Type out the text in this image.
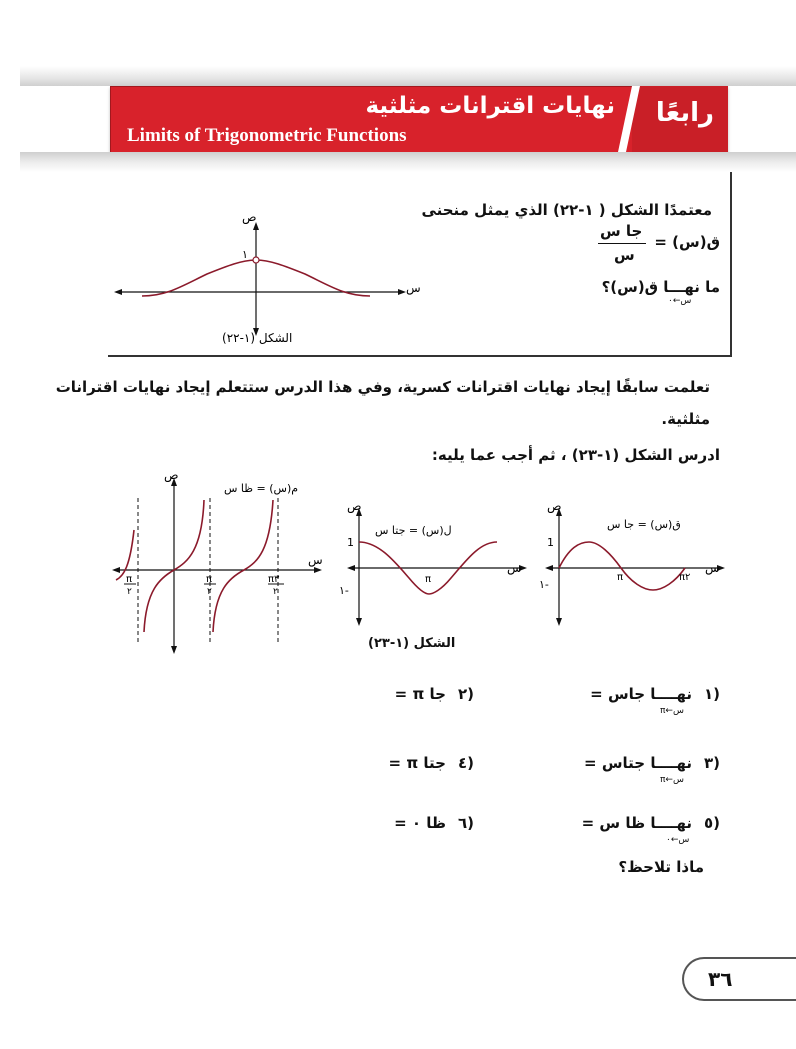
نهايات اقترانات مثلثية
Limits of Trigonometric Functions
رابعًا
معتمدًا الشكل ( ١-٢٢) الذي يمثل منحنى
ق(س) =
جا س
س
ما نهـــا ق(س)؟
س←٠
ص
١
س
الشكل (١-٢٢)
تعلمت سابقًا إيجاد نهايات اقترانات كسرية، وفي هذا الدرس ستتعلم إيجاد نهايات اقترانات
مثلثية.
ادرس الشكل (١-٢٣) ، ثم أجب عما يليه:
ص
س
م(س) = ظا س
π
٢
π
٢
π٣
٢
ص
س
ل(س) = جتا س
1
١-
π
ص
س
ق(س) = جا س
1
١-
π	π٢
الشكل (١-٢٣)
١)
نهــــا جاس =
س←π
٢)
جا π =
٣)
نهــــا جتاس =
س←π
٤)
جتا π =
٥)
نهــــا ظا س =
س←٠
٦)
ظا ٠ =
ماذا تلاحظ؟
٣٦
